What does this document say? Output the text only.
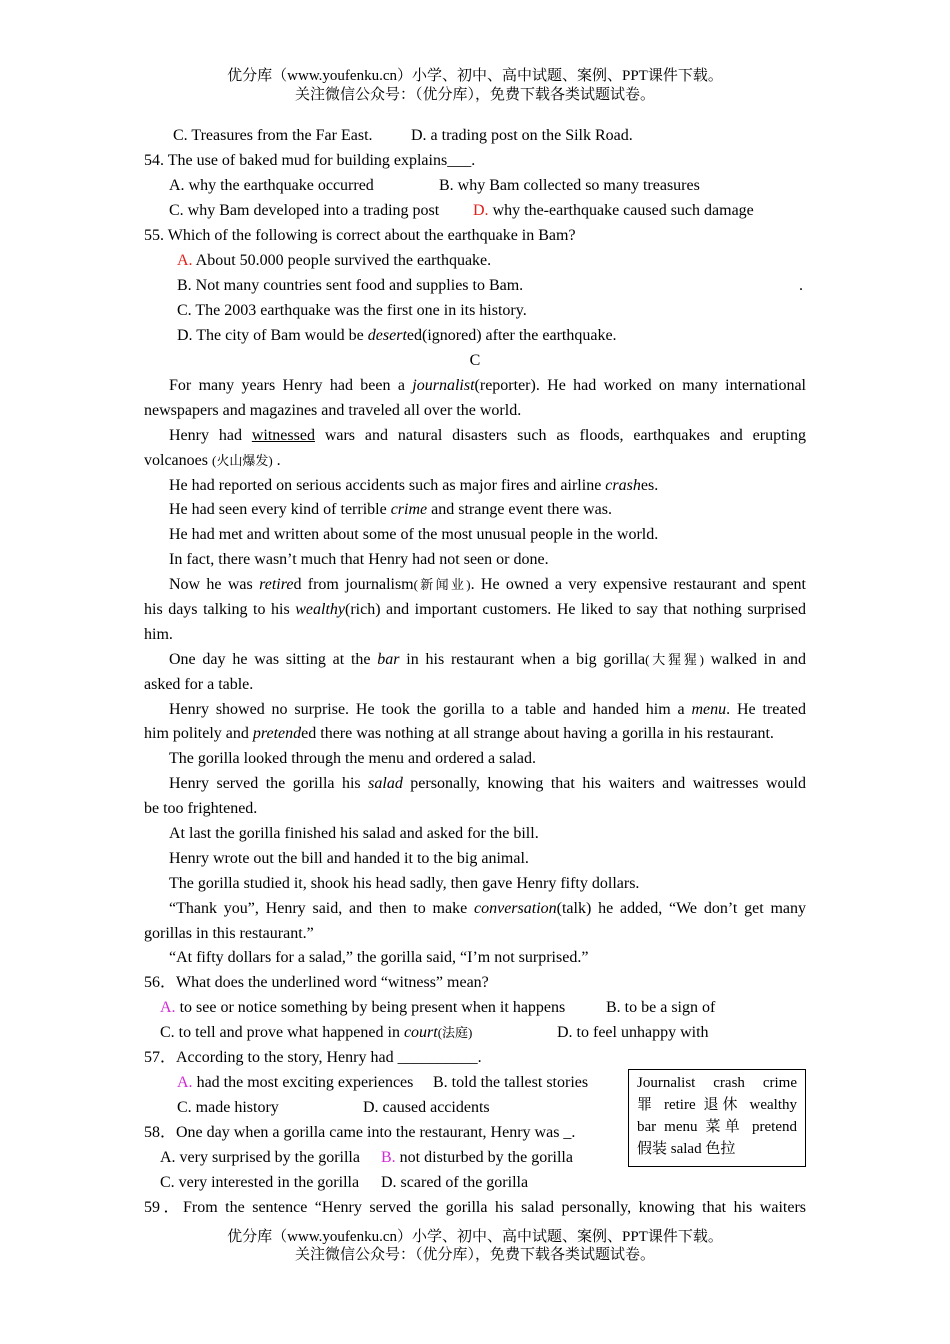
优分库（www.youfenku.cn）小学、初中、高中试题、案例、PPT课件下载。
关注微信公众号：（优分库），免费下载各类试题试卷。
C. Treasures from the Far East. D. a trading post on the Silk Road.
54. The use of baked mud for building explains___.
A. why the earthquake occurred	B. why Bam collected so many treasures
C. why Bam developed into a trading post D. why the-earthquake caused such damage
55. Which of the following is correct about the earthquake in Bam?
A. About 50.000 people survived the earthquake.
B. Not many countries sent food and supplies to Bam.	.
C. The 2003 earthquake was the first one in its history.
D. The city of Bam would be deserted(ignored) after the earthquake.
C
For many years Henry had been a journalist(reporter). He had worked on many international
newspapers and magazines and traveled all over the world.
Henry had witnessed wars and natural disasters such as floods, earthquakes and erupting
volcanoes (火山爆发) .
He had reported on serious accidents such as major fires and airline crashes.
He had seen every kind of terrible crime and strange event there was.
He had met and written about some of the most unusual people in the world.
In fact, there wasn’t much that Henry had not seen or done.
Now he was retired from journalism(新闻业). He owned a very expensive restaurant and spent
his days talking to his wealthy(rich) and important customers. He liked to say that nothing surprised
him.
One day he was sitting at the bar in his restaurant when a big gorilla(大猩猩) walked in and
asked for a table.
Henry showed no surprise. He took the gorilla to a table and handed him a menu. He treated
him politely and pretended there was nothing at all strange about having a gorilla in his restaurant.
The gorilla looked through the menu and ordered a salad.
Henry served the gorilla his salad personally, knowing that his waiters and waitresses would
be too frightened.
At last the gorilla finished his salad and asked for the bill.
Henry wrote out the bill and handed it to the big animal.
The gorilla studied it, shook his head sadly, then gave Henry fifty dollars.
“Thank you”, Henry said, and then to make conversation(talk) he added, “We don’t get many
gorillas in this restaurant.”
“At fifty dollars for a salad,” the gorilla said, “I’m not surprised.”
56．What does the underlined word “witness” mean?
A. to see or notice something by being present when it happens	B. to be a sign of
C. to tell and prove what happened in court(法庭)	D. to feel unhappy with
57．According to the story, Henry had __________.
A. had the most exciting experiences B. told the tallest stories
C. made history	D. caused accidents
58．One day when a gorilla came into the restaurant, Henry was _.
A. very surprised by the gorilla B. not disturbed by the gorilla
C. very interested in the gorilla D. scared of the gorilla
59．From the sentence “Henry served the gorilla his salad personally, knowing that his waiters
Journalist crash crime
罪 retire 退休 wealthy
bar menu 菜单 pretend
假装 salad 色拉
优分库（www.youfenku.cn）小学、初中、高中试题、案例、PPT课件下载。
关注微信公众号：（优分库），免费下载各类试题试卷。
